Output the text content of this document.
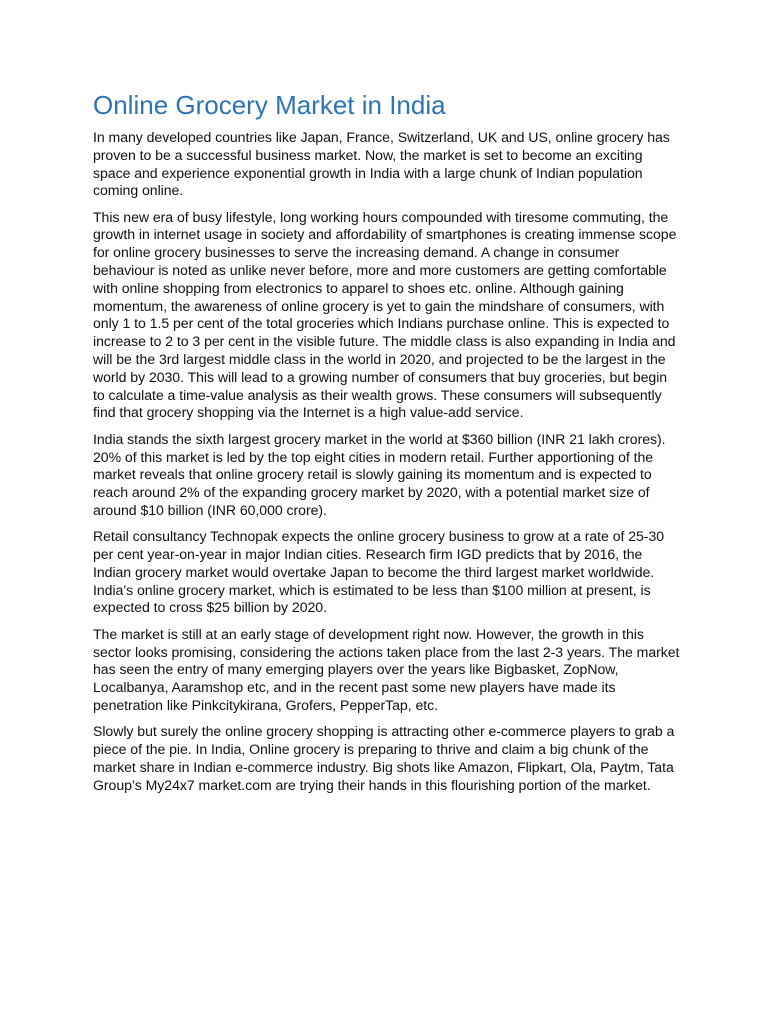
Online Grocery Market in India

In many developed countries like Japan, France, Switzerland, UK and US, online grocery has proven to be a successful business market. Now, the market is set to become an exciting space and experience exponential growth in India with a large chunk of Indian population coming online.

This new era of busy lifestyle, long working hours compounded with tiresome commuting, the growth in internet usage in society and affordability of smartphones is creating immense scope for online grocery businesses to serve the increasing demand. A change in consumer behaviour is noted as unlike never before, more and more customers are getting comfortable with online shopping from electronics to apparel to shoes etc. online. Although gaining momentum, the awareness of online grocery is yet to gain the mindshare of consumers, with only 1 to 1.5 per cent of the total groceries which Indians purchase online. This is expected to increase to 2 to 3 per cent in the visible future. The middle class is also expanding in India and will be the 3rd largest middle class in the world in 2020, and projected to be the largest in the world by 2030. This will lead to a growing number of consumers that buy groceries, but begin to calculate a time-value analysis as their wealth grows. These consumers will subsequently find that grocery shopping via the Internet is a high value-add service.

India stands the sixth largest grocery market in the world at $360 billion (INR 21 lakh crores). 20% of this market is led by the top eight cities in modern retail. Further apportioning of the market reveals that online grocery retail is slowly gaining its momentum and is expected to reach around 2% of the expanding grocery market by 2020, with a potential market size of around $10 billion (INR 60,000 crore).

Retail consultancy Technopak expects the online grocery business to grow at a rate of 25-30 per cent year-on-year in major Indian cities. Research firm IGD predicts that by 2016, the Indian grocery market would overtake Japan to become the third largest market worldwide. India’s online grocery market, which is estimated to be less than $100 million at present, is expected to cross $25 billion by 2020.

The market is still at an early stage of development right now. However, the growth in this sector looks promising, considering the actions taken place from the last 2-3 years. The market has seen the entry of many emerging players over the years like Bigbasket, ZopNow, Localbanya, Aaramshop etc, and in the recent past some new players have made its penetration like Pinkcitykirana, Grofers, PepperTap, etc.

Slowly but surely the online grocery shopping is attracting other e-commerce players to grab a piece of the pie. In India, Online grocery is preparing to thrive and claim a big chunk of the market share in Indian e-commerce industry. Big shots like Amazon, Flipkart, Ola, Paytm, Tata Group’s My24x7 market.com are trying their hands in this flourishing portion of the market.
